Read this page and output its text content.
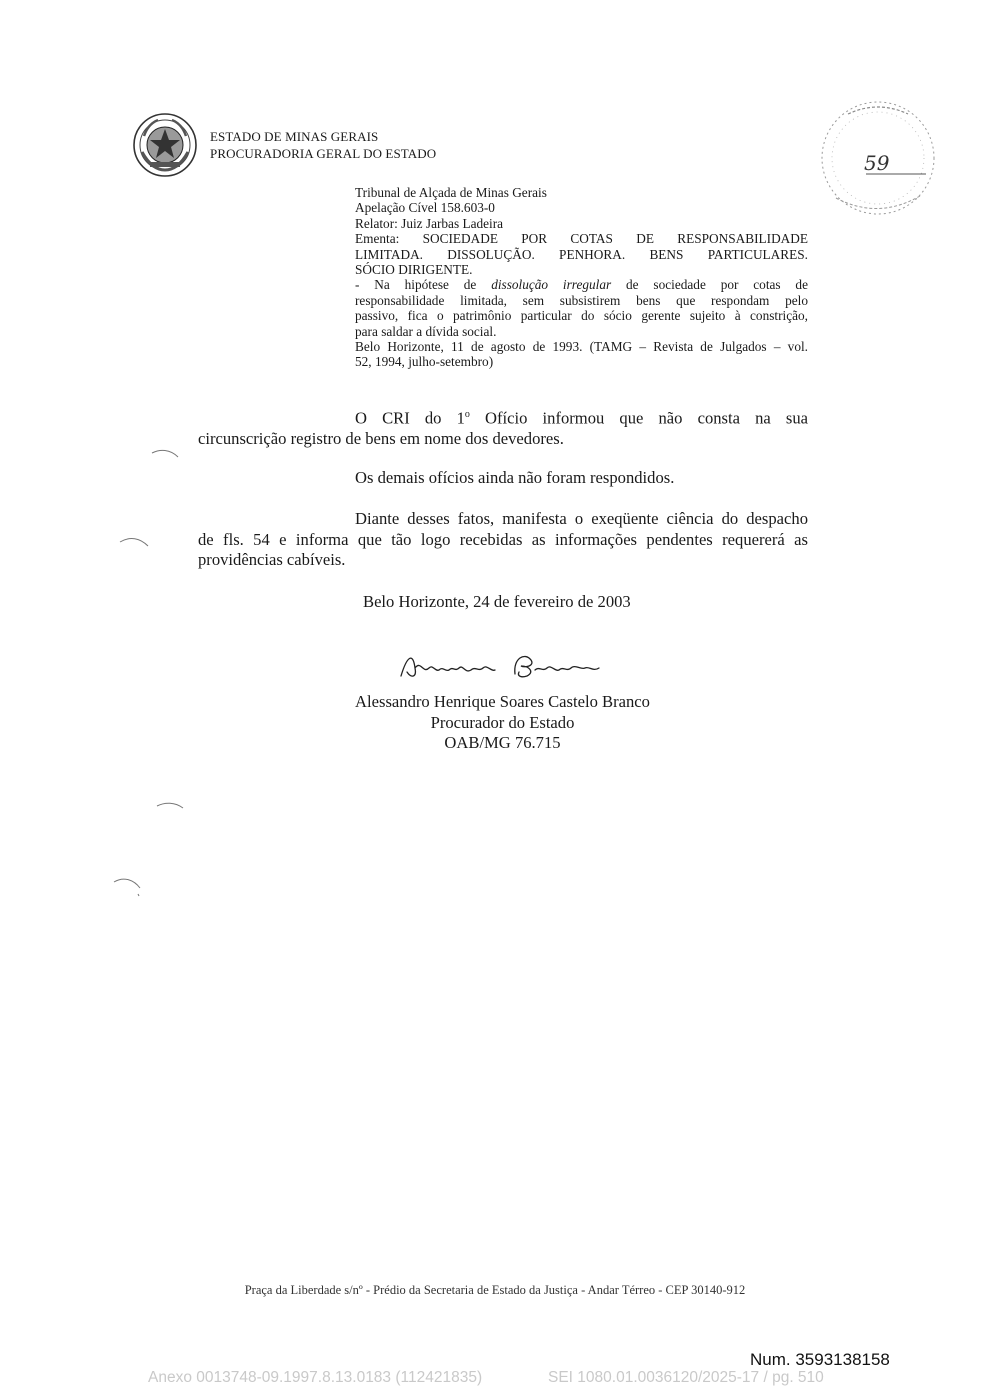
ESTADO DE MINAS GERAIS
PROCURADORIA GERAL DO ESTADO	59
Tribunal de Alçada de Minas Gerais
Apelação Cível 158.603-0
Relator: Juiz Jarbas Ladeira
Ementa: SOCIEDADE POR COTAS DE RESPONSABILIDADE
LIMITADA. DISSOLUÇÃO. PENHORA. BENS PARTICULARES.
SÓCIO DIRIGENTE.
- Na hipótese de dissolução irregular de sociedade por cotas de
responsabilidade limitada, sem subsistirem bens que respondam pelo
passivo, fica o patrimônio particular do sócio gerente sujeito à constrição,
para saldar a dívida social.
Belo Horizonte, 11 de agosto de 1993. (TAMG – Revista de Julgados – vol.
52, 1994, julho-setembro)
O CRI do 1$^o$ Ofício informou que não consta na sua
circunscrição registro de bens em nome dos devedores.
Os demais ofícios ainda não foram respondidos.
Diante desses fatos, manifesta o exeqüente ciência do despacho
de fls. 54 e informa que tão logo recebidas as informações pendentes requererá as
providências cabíveis.
Belo Horizonte, 24 de fevereiro de 2003
Alessandro Henrique Soares Castelo Branco
Procurador do Estado
OAB/MG 76.715
Praça da Liberdade s/nº - Prédio da Secretaria de Estado da Justiça - Andar Térreo - CEP 30140-912
Num. 3593138158
Anexo 0013748-09.1997.8.13.0183 (112421835)	SEI 1080.01.0036120/2025-17 / pg. 510
